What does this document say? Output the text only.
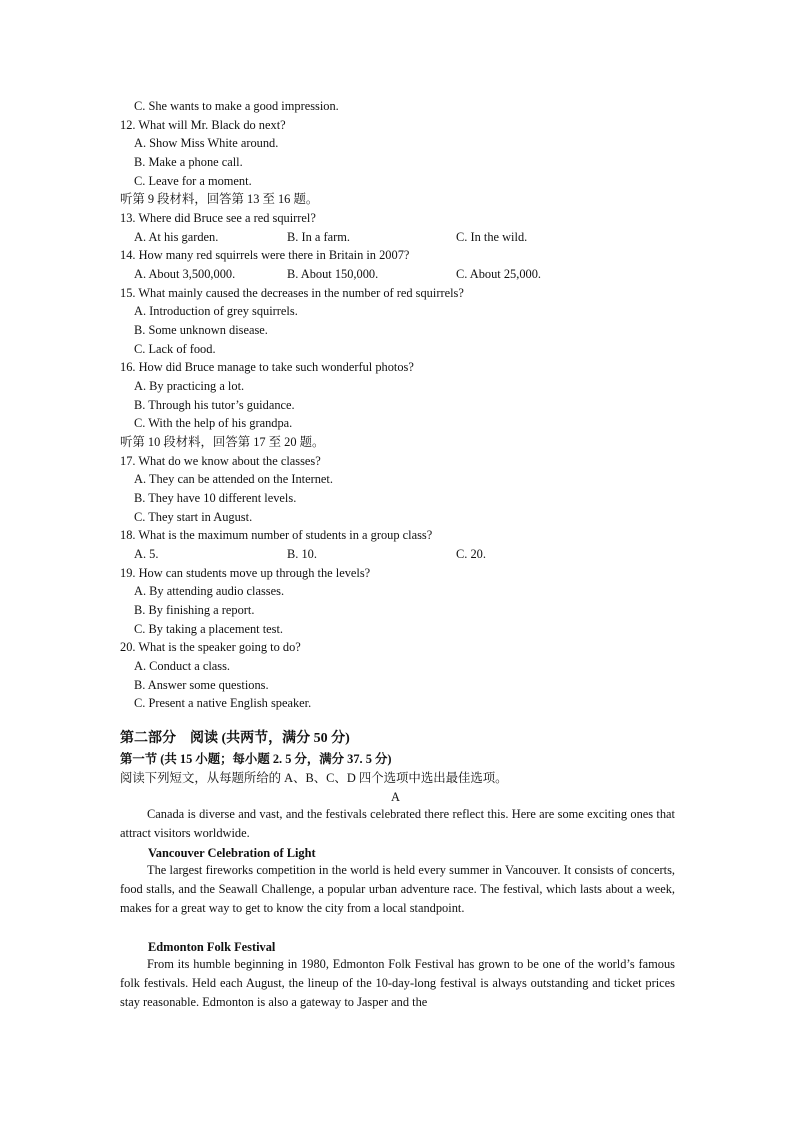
C. She wants to make a good impression.
12. What will Mr. Black do next?
A. Show Miss White around.
B. Make a phone call.
C. Leave for a moment.
听第 9 段材料，回答第 13 至 16 题。
13. Where did Bruce see a red squirrel?
A. At his garden.	B. In a farm.	C. In the wild.
14. How many red squirrels were there in Britain in 2007?
A. About 3,500,000.	B. About 150,000.	C. About 25,000.
15. What mainly caused the decreases in the number of red squirrels?
A. Introduction of grey squirrels.
B. Some unknown disease.
C. Lack of food.
16. How did Bruce manage to take such wonderful photos?
A. By practicing a lot.
B. Through his tutor’s guidance.
C. With the help of his grandpa.
听第 10 段材料，回答第 17 至 20 题。
17. What do we know about the classes?
A. They can be attended on the Internet.
B. They have 10 different levels.
C. They start in August.
18. What is the maximum number of students in a group class?
A. 5.	B. 10.	C. 20.
19. How can students move up through the levels?
A. By attending audio classes.
B. By finishing a report.
C. By taking a placement test.
20. What is the speaker going to do?
A. Conduct a class.
B. Answer some questions.
C. Present a native English speaker.
第二部分　阅读 (共两节，满分 50 分)
第一节 (共 15 小题；每小题 2. 5 分，满分 37. 5 分)
阅读下列短文，从每题所给的 A、B、C、D 四个选项中选出最佳选项。
A

Canada is diverse and vast, and the festivals celebrated there reflect this. Here are some exciting ones that attract visitors worldwide.

Vancouver Celebration of Light

The largest fireworks competition in the world is held every summer in Vancouver. It consists of concerts, food stalls, and the Seawall Challenge, a popular urban adventure race. The festival, which lasts about a week, makes for a great way to get to know the city from a local standpoint.

Edmonton Folk Festival

From its humble beginning in 1980, Edmonton Folk Festival has grown to be one of the world’s famous folk festivals. Held each August, the lineup of the 10-day-long festival is always outstanding and ticket prices stay reasonable. Edmonton is also a gateway to Jasper and the
